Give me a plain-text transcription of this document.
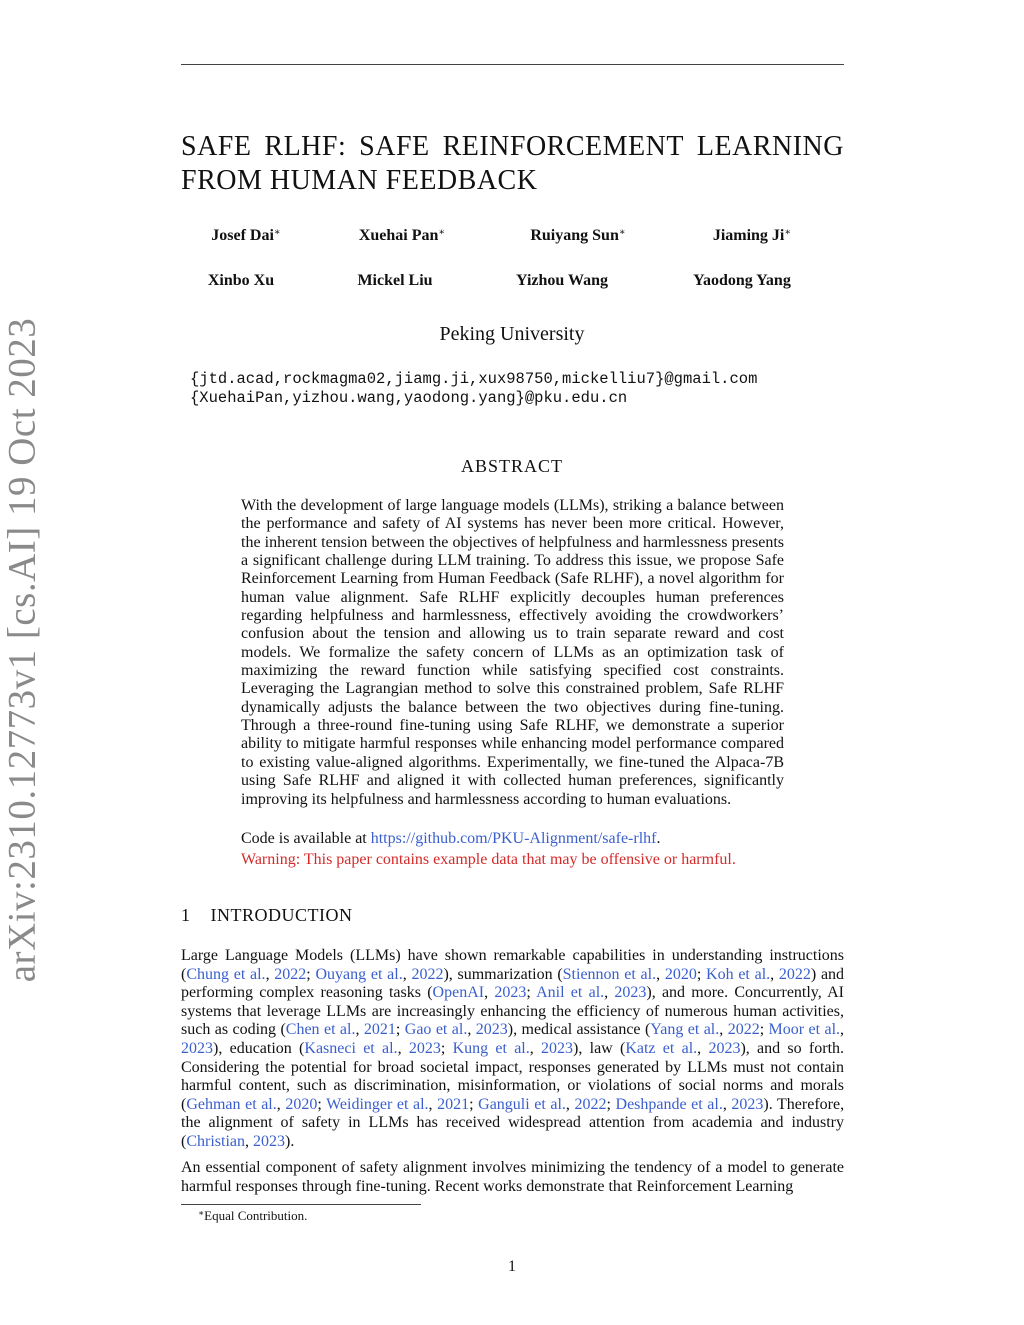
arXiv:2310.12773v1 [cs.AI] 19 Oct 2023
SAFE RLHF: SAFE REINFORCEMENT LEARNING
FROM HUMAN FEEDBACK
Josef Dai∗	Xuehai Pan∗	Ruiyang Sun∗	Jiaming Ji∗
Xinbo Xu	Mickel Liu	Yizhou Wang	Yaodong Yang
Peking University
{jtd.acad,rockmagma02,jiamg.ji,xux98750,mickelliu7}@gmail.com
{XuehaiPan,yizhou.wang,yaodong.yang}@pku.edu.cn
ABSTRACT
With the development of large language models (LLMs), striking a balance between the performance and safety of AI systems has never been more critical. However, the inherent tension between the objectives of helpfulness and harmlessness presents a significant challenge during LLM training. To address this issue, we propose Safe Reinforcement Learning from Human Feedback (Safe RLHF), a novel algorithm for human value alignment. Safe RLHF explicitly decouples human preferences regarding helpfulness and harmlessness, effectively avoiding the crowdworkers’ confusion about the tension and allowing us to train separate reward and cost models. We formalize the safety concern of LLMs as an optimization task of maximizing the reward function while satisfying specified cost constraints. Leveraging the Lagrangian method to solve this constrained problem, Safe RLHF dynamically adjusts the balance between the two objectives during fine-tuning. Through a three-round fine-tuning using Safe RLHF, we demonstrate a superior ability to mitigate harmful responses while enhancing model performance compared to existing value-aligned algorithms. Experimentally, we fine-tuned the Alpaca-7B using Safe RLHF and aligned it with collected human preferences, significantly improving its helpfulness and harmlessness according to human evaluations.
Code is available at https://github.com/PKU-Alignment/safe-rlhf.
Warning: This paper contains example data that may be offensive or harmful.
1 INTRODUCTION
Large Language Models (LLMs) have shown remarkable capabilities in understanding instructions (Chung et al., 2022; Ouyang et al., 2022), summarization (Stiennon et al., 2020; Koh et al., 2022) and performing complex reasoning tasks (OpenAI, 2023; Anil et al., 2023), and more. Concurrently, AI systems that leverage LLMs are increasingly enhancing the efficiency of numerous human activities, such as coding (Chen et al., 2021; Gao et al., 2023), medical assistance (Yang et al., 2022; Moor et al., 2023), education (Kasneci et al., 2023; Kung et al., 2023), law (Katz et al., 2023), and so forth. Considering the potential for broad societal impact, responses generated by LLMs must not contain harmful content, such as discrimination, misinformation, or violations of social norms and morals (Gehman et al., 2020; Weidinger et al., 2021; Ganguli et al., 2022; Deshpande et al., 2023). Therefore, the alignment of safety in LLMs has received widespread attention from academia and industry (Christian, 2023).
An essential component of safety alignment involves minimizing the tendency of a model to generate harmful responses through fine-tuning. Recent works demonstrate that Reinforcement Learning
∗Equal Contribution.
1
